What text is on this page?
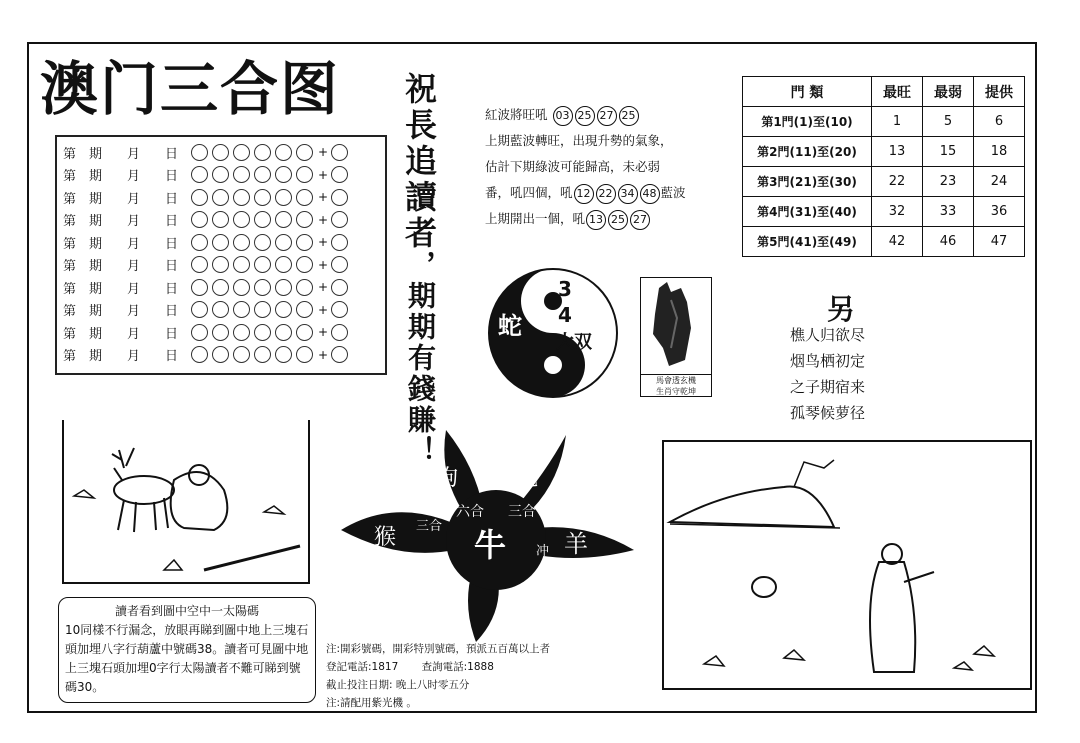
澳门三合图
第 期	月	日	+
第 期	月	日	+
第 期	月	日	+
第 期	月	日	+
第 期	月	日	+
第 期	月	日	+
第 期	月	日	+
第 期	月	日	+
第 期	月	日	+
第 期	月	日	+
祝長追讀者
，期期有錢賺！
紅波將旺吼 03 25 27 25
上期藍波轉旺，出現升勢的氣象，
估計下期綠波可能歸高，未必弱
番，吼四個，吼 12 22 34 48 藍波
上期開出一個，吼 13 25 27
門 類	最旺	最弱	提供
第1門(1)至(10)	1	5	6
第2門(11)至(20)	13	15	18
第3門(21)至(30)	22	23	24
第4門(31)至(40)	32	33	36
第5門(41)至(49)	42	46	47
蛇
3
4
大双
馬會透玄機
生肖守乾坤
另
樵人归欲尽
烟鸟栖初定
之子期宿来
孤琴候萝径
狗	龙
六合 三合
猴 三合 牛 冲 羊
讀者看到圖中空中一太陽碼
10同樣不行漏念，放眼再睇到圖中地上三塊石頭加埋八字行葫蘆中號碼38。讀者可見圖中地上三塊石頭加埋0字行太陽讀者不難可睇到號碼30。
注:開彩號碼，開彩特別號碼，預派五百萬以上者
登記電話:1817 查詢電話:1888
截止投注日期: 晚上八时零五分
注:請配用紫光機 。
